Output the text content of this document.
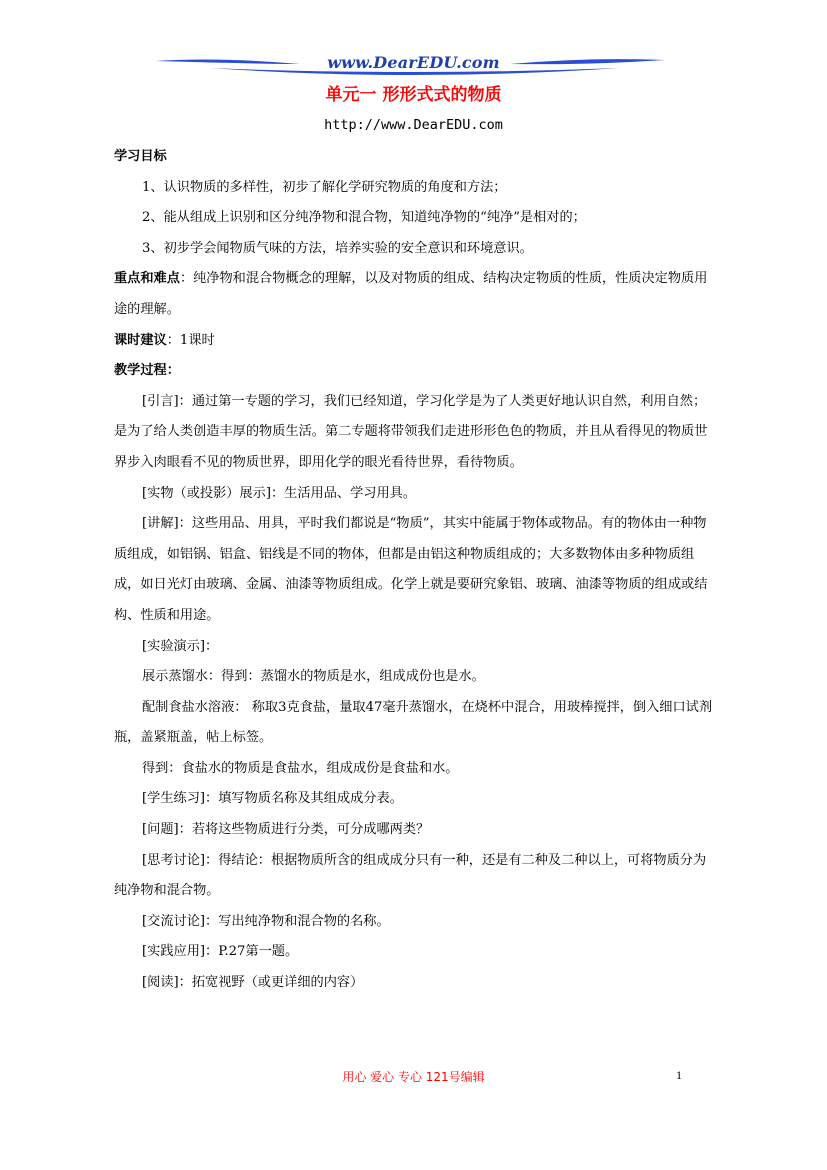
www.DearEDU.com
单元一 形形式式的物质
http://www.DearEDU.com

学习目标

1、认识物质的多样性，初步了解化学研究物质的角度和方法；

2、能从组成上识别和区分纯净物和混合物，知道纯净物的“纯净”是相对的；

3、初步学会闻物质气味的方法，培养实验的安全意识和环境意识。

重点和难点：纯净物和混合物概念的理解，以及对物质的组成、结构决定物质的性质，性质决定物质用途的理解。

课时建议：1课时

教学过程：

[引言]：通过第一专题的学习，我们已经知道，学习化学是为了人类更好地认识自然，利用自然；是为了给人类创造丰厚的物质生活。第二专题将带领我们走进形形色色的物质，并且从看得见的物质世界步入肉眼看不见的物质世界，即用化学的眼光看待世界，看待物质。

[实物（或投影）展示]：生活用品、学习用具。

[讲解]：这些用品、用具，平时我们都说是“物质”，其实中能属于物体或物品。有的物体由一种物质组成，如铝锅、铝盒、铝线是不同的物体，但都是由铝这种物质组成的；大多数物体由多种物质组成，如日光灯由玻璃、金属、油漆等物质组成。化学上就是要研究象铝、玻璃、油漆等物质的组成或结构、性质和用途。

[实验演示]：

展示蒸馏水：得到：蒸馏水的物质是水，组成成份也是水。

配制食盐水溶液： 称取3克食盐，量取47毫升蒸馏水，在烧杯中混合，用玻棒搅拌，倒入细口试剂瓶，盖紧瓶盖，帖上标签。

得到：食盐水的物质是食盐水，组成成份是食盐和水。

[学生练习]：填写物质名称及其组成成分表。

[问题]：若将这些物质进行分类，可分成哪两类？

[思考讨论]：得结论：根据物质所含的组成成分只有一种，还是有二种及二种以上，可将物质分为纯净物和混合物。

[交流讨论]：写出纯净物和混合物的名称。

[实践应用]：P.27第一题。

[阅读]：拓宽视野（或更详细的内容）

用心 爱心 专心 121号编辑	1
